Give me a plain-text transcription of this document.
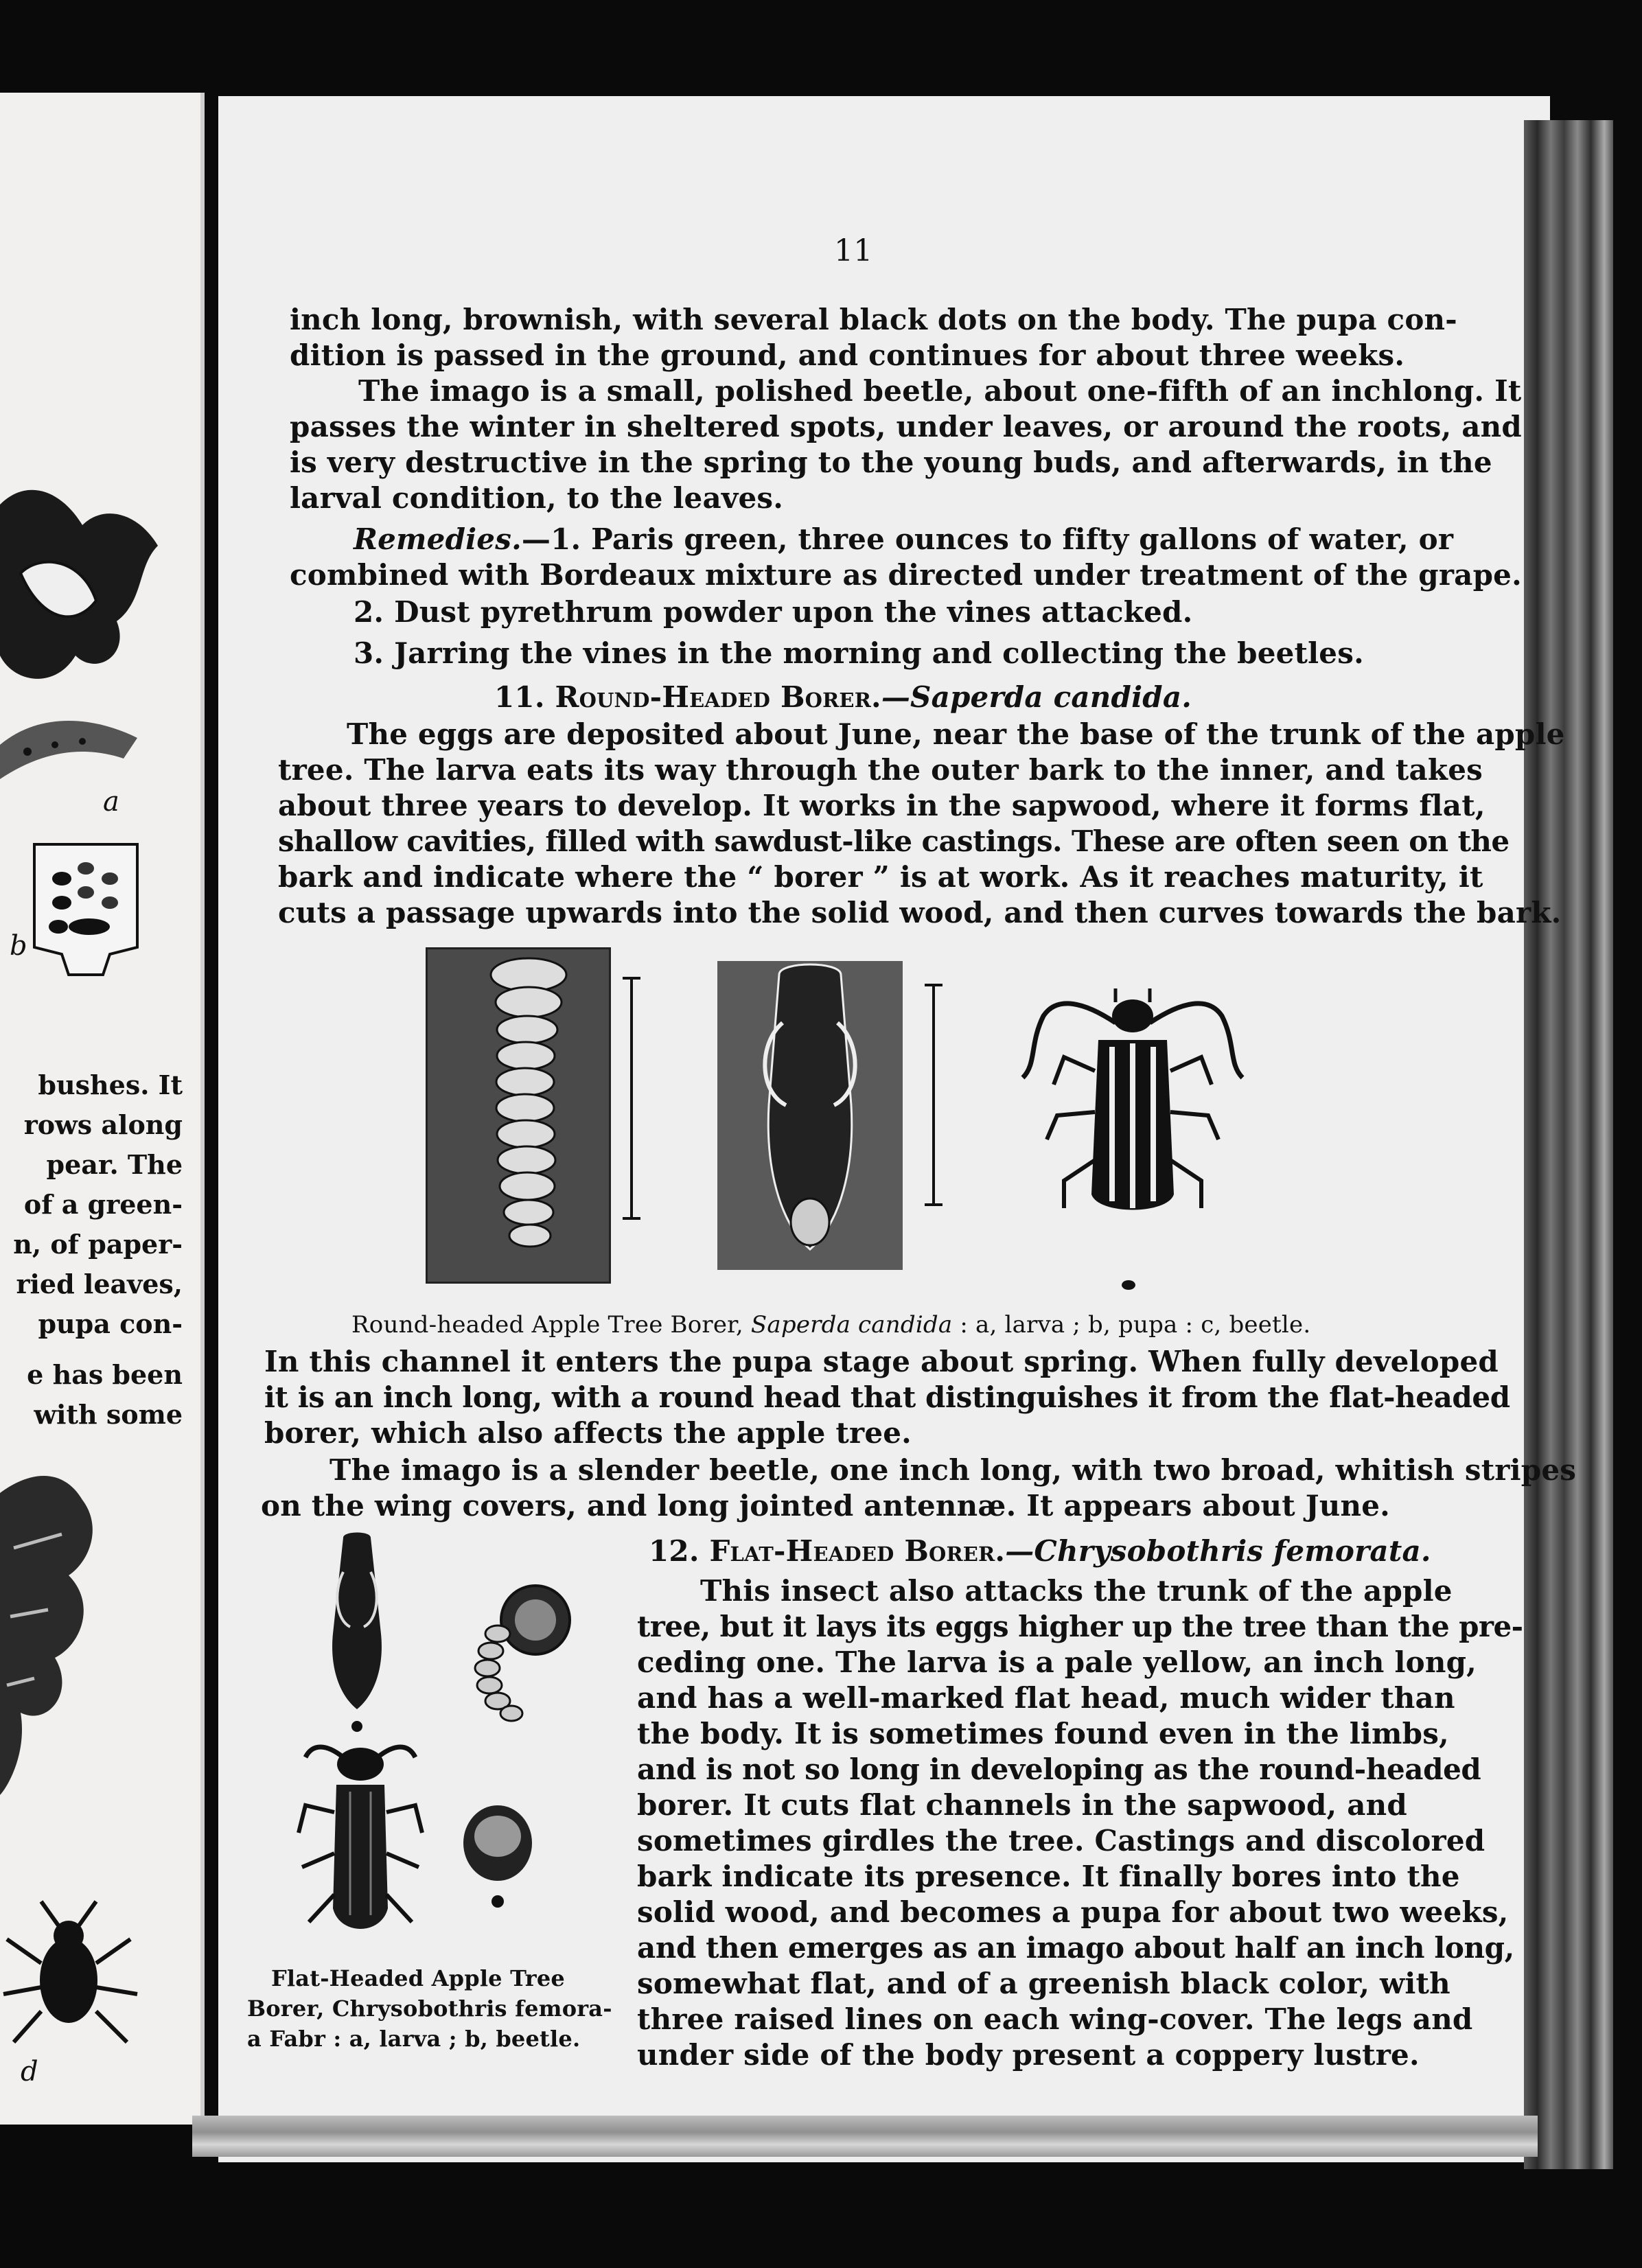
a
b
bushes. It
rows along
pear. The
of a green-
n, of paper-
ried leaves,
pupa con-
e has been
with some
d
11
inch long, brownish, with several black dots on the body. The pupa con-
dition is passed in the ground, and continues for about three weeks.
The imago is a small, polished beetle, about one-fifth of an inchlong. It
passes the winter in sheltered spots, under leaves, or around the roots, and
is very destructive in the spring to the young buds, and afterwards, in the
larval condition, to the leaves.
Remedies.—1. Paris green, three ounces to fifty gallons of water, or
combined with Bordeaux mixture as directed under treatment of the grape.
2. Dust pyrethrum powder upon the vines attacked.
3. Jarring the vines in the morning and collecting the beetles.
11. Round-Headed Borer.—Saperda candida.
The eggs are deposited about June, near the base of the trunk of the apple
tree. The larva eats its way through the outer bark to the inner, and takes
about three years to develop. It works in the sapwood, where it forms flat,
shallow cavities, filled with sawdust-like castings. These are often seen on the
bark and indicate where the “ borer ” is at work. As it reaches maturity, it
cuts a passage upwards into the solid wood, and then curves towards the bark.
Round-headed Apple Tree Borer, Saperda candida : a, larva ; b, pupa : c, beetle.
In this channel it enters the pupa stage about spring. When fully developed
it is an inch long, with a round head that distinguishes it from the flat-headed
borer, which also affects the apple tree.
The imago is a slender beetle, one inch long, with two broad, whitish stripes
on the wing covers, and long jointed antennæ. It appears about June.
12. Flat-Headed Borer.—Chrysobothris femorata.
This insect also attacks the trunk of the apple
tree, but it lays its eggs higher up the tree than the pre-
ceding one. The larva is a pale yellow, an inch long,
and has a well-marked flat head, much wider than
the body. It is sometimes found even in the limbs,
and is not so long in developing as the round-headed
borer. It cuts flat channels in the sapwood, and
sometimes girdles the tree. Castings and discolored
bark indicate its presence. It finally bores into the
solid wood, and becomes a pupa for about two weeks,
and then emerges as an imago about half an inch long,
somewhat flat, and of a greenish black color, with
three raised lines on each wing-cover. The legs and
under side of the body present a coppery lustre.
Flat-Headed Apple Tree
Borer, Chrysobothris femora-
a Fabr : a, larva ; b, beetle.
